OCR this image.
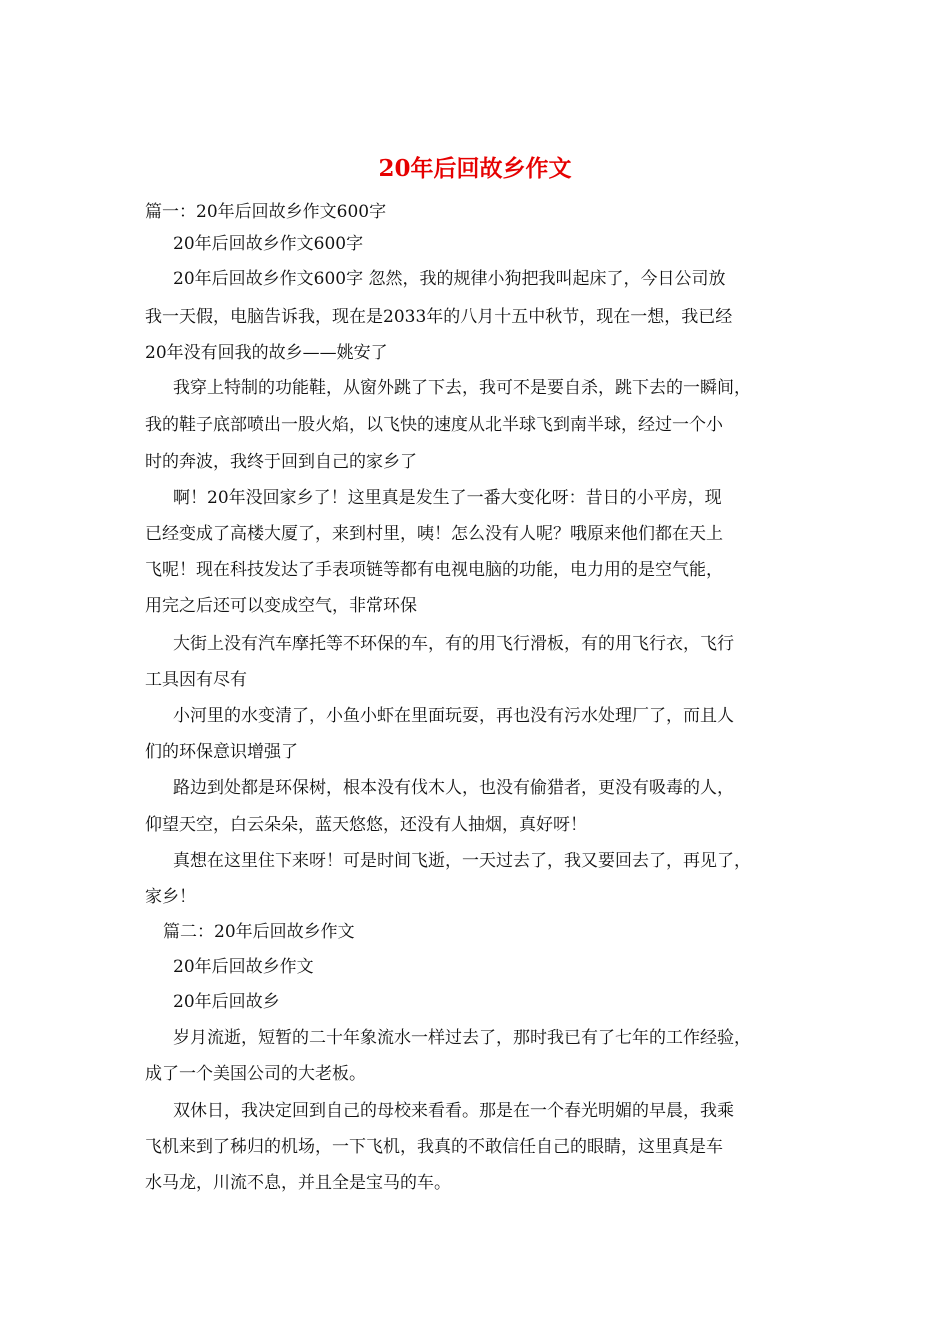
20年后回故乡作文

篇一：20年后回故乡作文600字

20年后回故乡作文600字

20年后回故乡作文600字 忽然，我的规律小狗把我叫起床了，今日公司放

我一天假，电脑告诉我，现在是2033年的八月十五中秋节，现在一想，我已经

20年没有回我的故乡——姚安了

我穿上特制的功能鞋，从窗外跳了下去，我可不是要自杀，跳下去的一瞬间，

我的鞋子底部喷出一股火焰，以飞快的速度从北半球飞到南半球，经过一个小

时的奔波，我终于回到自己的家乡了

啊！20年没回家乡了！这里真是发生了一番大变化呀：昔日的小平房，现

已经变成了高楼大厦了，来到村里，咦！怎么没有人呢？哦原来他们都在天上

飞呢！现在科技发达了手表项链等都有电视电脑的功能，电力用的是空气能，

用完之后还可以变成空气，非常环保

大街上没有汽车摩托等不环保的车，有的用飞行滑板，有的用飞行衣，飞行

工具因有尽有

小河里的水变清了，小鱼小虾在里面玩耍，再也没有污水处理厂了，而且人

们的环保意识增强了

路边到处都是环保树，根本没有伐木人，也没有偷猎者，更没有吸毒的人，

仰望天空，白云朵朵，蓝天悠悠，还没有人抽烟，真好呀！

真想在这里住下来呀！可是时间飞逝，一天过去了，我又要回去了，再见了，

家乡！

篇二：20年后回故乡作文

20年后回故乡作文

20年后回故乡

岁月流逝，短暂的二十年象流水一样过去了，那时我已有了七年的工作经验，

成了一个美国公司的大老板。

双休日，我决定回到自己的母校来看看。那是在一个春光明媚的早晨，我乘

飞机来到了秭归的机场，一下飞机，我真的不敢信任自己的眼睛，这里真是车

水马龙，川流不息，并且全是宝马的车。
